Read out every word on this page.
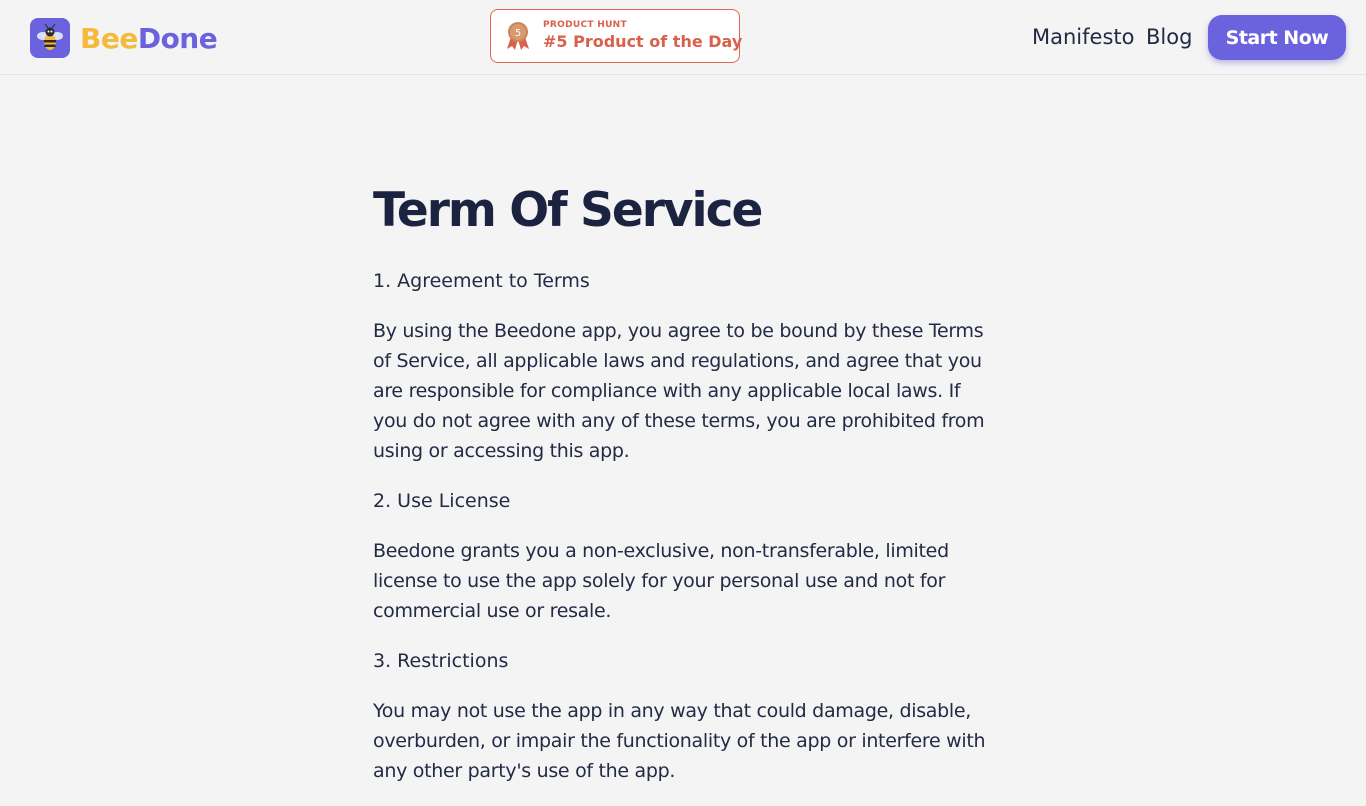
BeeDone	5
PRODUCT HUNT
#5 Product of the Day	Manifesto Blog	Start Now
Term Of Service

1. Agreement to Terms

By using the Beedone app, you agree to be bound by these Terms of Service, all applicable laws and regulations, and agree that you are responsible for compliance with any applicable local laws. If you do not agree with any of these terms, you are prohibited from using or accessing this app.

2. Use License

Beedone grants you a non-exclusive, non-transferable, limited license to use the app solely for your personal use and not for commercial use or resale.

3. Restrictions

You may not use the app in any way that could damage, disable, overburden, or impair the functionality of the app or interfere with any other party's use of the app.
